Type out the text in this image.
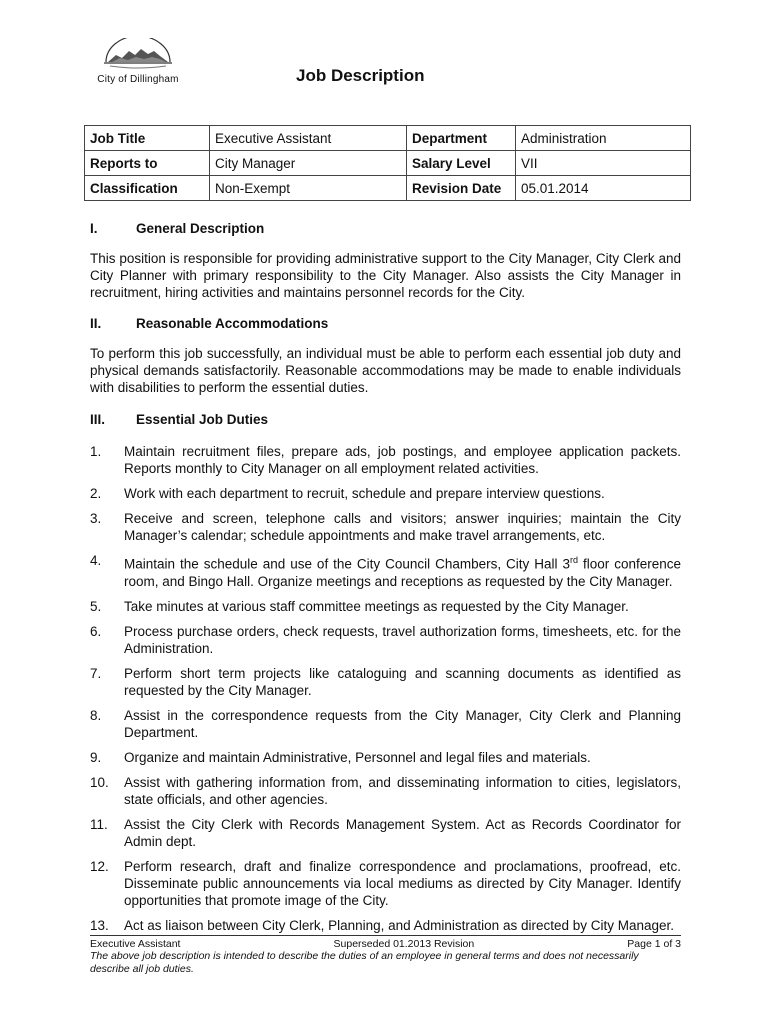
City of Dillingham	Job Description
Job Title	Executive Assistant	Department	Administration
Reports to	City Manager	Salary Level	VII
Classification	Non-Exempt	Revision Date	05.01.2014
I.	General Description

This position is responsible for providing administrative support to the City Manager, City Clerk and City Planner with primary responsibility to the City Manager. Also assists the City Manager in recruitment, hiring activities and maintains personnel records for the City.

II.	Reasonable Accommodations

To perform this job successfully, an individual must be able to perform each essential job duty and physical demands satisfactorily. Reasonable accommodations may be made to enable individuals with disabilities to perform the essential duties.

III.	Essential Job Duties
1.	Maintain recruitment files, prepare ads, job postings, and employee application packets. Reports monthly to City Manager on all employment related activities.
2.	Work with each department to recruit, schedule and prepare interview questions.
3.	Receive and screen, telephone calls and visitors; answer inquiries; maintain the City Manager’s calendar; schedule appointments and make travel arrangements, etc.
4.	Maintain the schedule and use of the City Council Chambers, City Hall 3rd floor conference room, and Bingo Hall. Organize meetings and receptions as requested by the City Manager.
5.	Take minutes at various staff committee meetings as requested by the City Manager.
6.	Process purchase orders, check requests, travel authorization forms, timesheets, etc. for the Administration.
7.	Perform short term projects like cataloguing and scanning documents as identified as requested by the City Manager.
8.	Assist in the correspondence requests from the City Manager, City Clerk and Planning Department.
9.	Organize and maintain Administrative, Personnel and legal files and materials.
10.	Assist with gathering information from, and disseminating information to cities, legislators, state officials, and other agencies.
11.	Assist the City Clerk with Records Management System. Act as Records Coordinator for Admin dept.
12.	Perform research, draft and finalize correspondence and proclamations, proofread, etc. Disseminate public announcements via local mediums as directed by City Manager. Identify opportunities that promote image of the City.
13.	Act as liaison between City Clerk, Planning, and Administration as directed by City Manager.
Executive Assistant	Superseded 01.2013 Revision	Page 1 of 3
The above job description is intended to describe the duties of an employee in general terms and does not necessarily describe all job duties.
